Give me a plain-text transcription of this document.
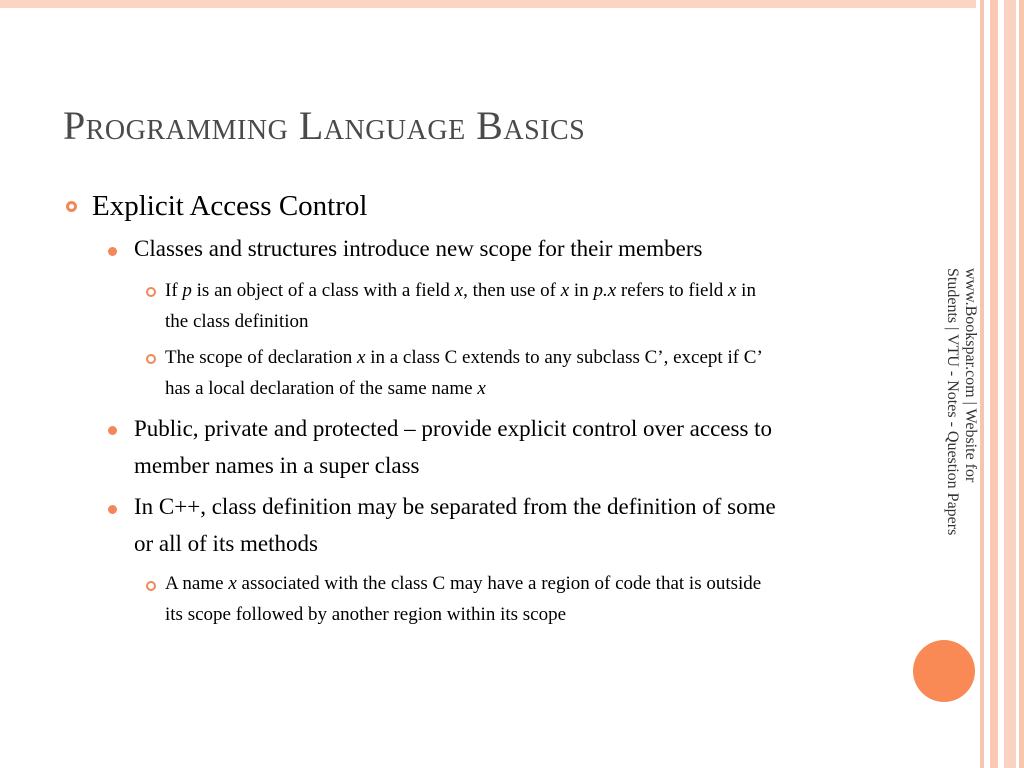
Programming Language Basics
Explicit Access Control
Classes and structures introduce new scope for their members
If p is an object of a class with a field x, then use of x in p.x refers to field x in
the class definition
The scope of declaration x in a class C extends to any subclass C’, except if C’
has a local declaration of the same name x
Public, private and protected – provide explicit control over access to
member names in a super class
In C++, class definition may be separated from the definition of some
or all of its methods
A name x associated with the class C may have a region of code that is outside
its scope followed by another region within its scope
www.Bookspar.com | Website for
Students | VTU - Notes - Question Papers
